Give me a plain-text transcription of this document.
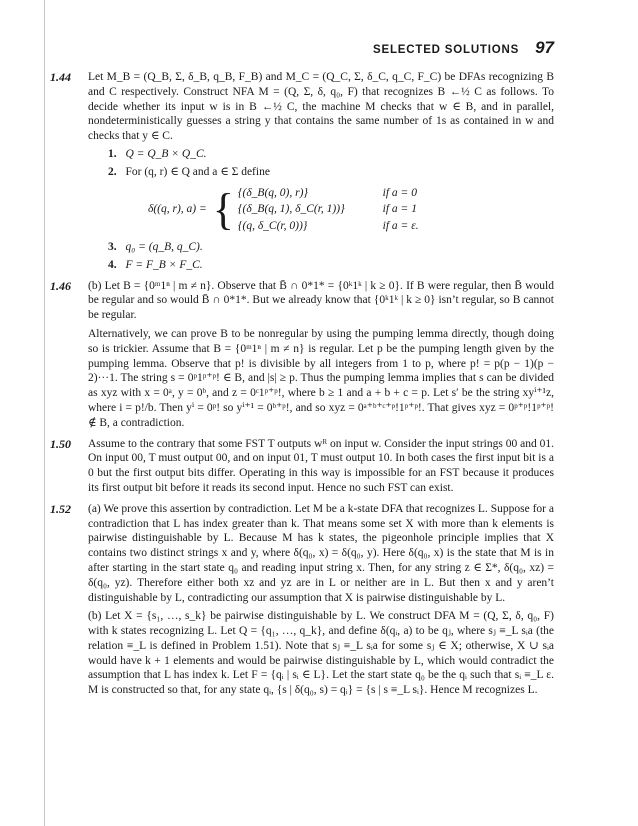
SELECTED SOLUTIONS 97
1.44 Let M_B = (Q_B, Σ, δ_B, q_B, F_B) and M_C = (Q_C, Σ, δ_C, q_C, F_C) be DFAs recognizing B and C respectively. Construct NFA M = (Q, Σ, δ, q₀, F) that recognizes B ←½ C as follows. To decide whether its input w is in B ←½ C, the machine M checks that w ∈ B, and in parallel, nondeterministically guesses a string y that contains the same number of 1s as contained in w and checks that y ∈ C.

1. Q = Q_B × Q_C.
2. For (q, r) ∈ Q and a ∈ Σ define
δ((q, r), a) = { {(δ_B(q, 0), r)}	if a = 0
{(δ_B(q, 1), δ_C(r, 1))}	if a = 1
{(q, δ_C(r, 0))}	if a = ε.
3. q₀ = (q_B, q_C).
4. F = F_B × F_C.
1.46 (b) Let B = {0ᵐ1ⁿ | m ≠ n}. Observe that B̄ ∩ 0*1* = {0ᵏ1ᵏ | k ≥ 0}. If B were regular, then B̄ would be regular and so would B̄ ∩ 0*1*. But we already know that {0ᵏ1ᵏ | k ≥ 0} isn’t regular, so B cannot be regular.

Alternatively, we can prove B to be nonregular by using the pumping lemma directly, though doing so is trickier. Assume that B = {0ᵐ1ⁿ | m ≠ n} is regular. Let p be the pumping length given by the pumping lemma. Observe that p! is divisible by all integers from 1 to p, where p! = p(p − 1)(p − 2)···1. The string s = 0ᵖ1ᵖ⁺ᵖ! ∈ B, and |s| ≥ p. Thus the pumping lemma implies that s can be divided as xyz with x = 0ᵃ, y = 0ᵇ, and z = 0ᶜ1ᵖ⁺ᵖ!, where b ≥ 1 and a + b + c = p. Let s′ be the string xyⁱ⁺¹z, where i = p!/b. Then yⁱ = 0ᵖ! so yⁱ⁺¹ = 0ᵇ⁺ᵖ!, and so xyz = 0ᵃ⁺ᵇ⁺ᶜ⁺ᵖ!1ᵖ⁺ᵖ!. That gives xyz = 0ᵖ⁺ᵖ!1ᵖ⁺ᵖ! ∉ B, a contradiction.

1.50 Assume to the contrary that some FST T outputs wᴿ on input w. Consider the input strings 00 and 01. On input 00, T must output 00, and on input 01, T must output 10. In both cases the first input bit is a 0 but the first output bits differ. Operating in this way is impossible for an FST because it produces its first output bit before it reads its second input. Hence no such FST can exist.

1.52 (a) We prove this assertion by contradiction. Let M be a k-state DFA that recognizes L. Suppose for a contradiction that L has index greater than k. That means some set X with more than k elements is pairwise distinguishable by L. Because M has k states, the pigeonhole principle implies that X contains two distinct strings x and y, where δ(q₀, x) = δ(q₀, y). Here δ(q₀, x) is the state that M is in after starting in the start state q₀ and reading input string x. Then, for any string z ∈ Σ*, δ(q₀, xz) = δ(q₀, yz). Therefore either both xz and yz are in L or neither are in L. But then x and y aren’t distinguishable by L, contradicting our assumption that X is pairwise distinguishable by L.

(b) Let X = {s₁, …, s_k} be pairwise distinguishable by L. We construct DFA M = (Q, Σ, δ, q₀, F) with k states recognizing L. Let Q = {q₁, …, q_k}, and define δ(qᵢ, a) to be qⱼ, where sⱼ ≡_L sᵢa (the relation ≡_L is defined in Problem 1.51). Note that sⱼ ≡_L sᵢa for some sⱼ ∈ X; otherwise, X ∪ sᵢa would have k + 1 elements and would be pairwise distinguishable by L, which would contradict the assumption that L has index k. Let F = {qᵢ | sᵢ ∈ L}. Let the start state q₀ be the qᵢ such that sᵢ ≡_L ε. M is constructed so that, for any state qᵢ, {s | δ(q₀, s) = qᵢ} = {s | s ≡_L sᵢ}. Hence M recognizes L.
